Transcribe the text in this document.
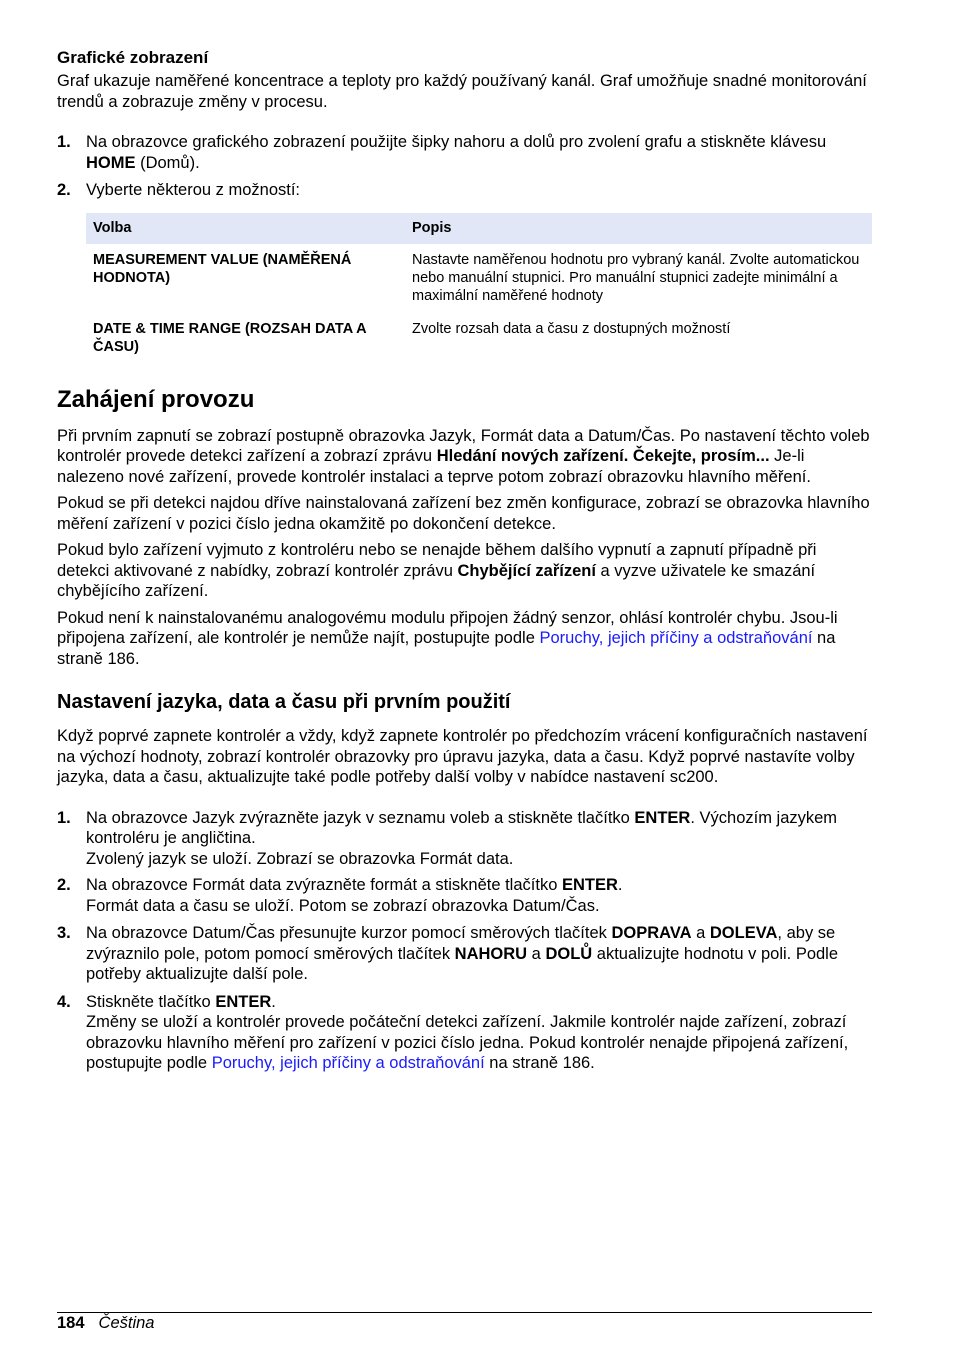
Grafické zobrazení

Graf ukazuje naměřené koncentrace a teploty pro každý používaný kanál. Graf umožňuje snadné monitorování trendů a zobrazuje změny v procesu.

1. Na obrazovce grafického zobrazení použijte šipky nahoru a dolů pro zvolení grafu a stiskněte klávesu HOME (Domů).
2. Vyberte některou z možností:
Volba	Popis
MEASUREMENT VALUE (NAMĚŘENÁ HODNOTA)	Nastavte naměřenou hodnotu pro vybraný kanál. Zvolte automatickou nebo manuální stupnici. Pro manuální stupnici zadejte minimální a maximální naměřené hodnoty
DATE & TIME RANGE (ROZSAH DATA A ČASU)	Zvolte rozsah data a času z dostupných možností
Zahájení provozu

Při prvním zapnutí se zobrazí postupně obrazovka Jazyk, Formát data a Datum/Čas. Po nastavení těchto voleb kontrolér provede detekci zařízení a zobrazí zprávu Hledání nových zařízení. Čekejte, prosím... Je-li nalezeno nové zařízení, provede kontrolér instalaci a teprve potom zobrazí obrazovku hlavního měření.

Pokud se při detekci najdou dříve nainstalovaná zařízení bez změn konfigurace, zobrazí se obrazovka hlavního měření zařízení v pozici číslo jedna okamžitě po dokončení detekce.

Pokud bylo zařízení vyjmuto z kontroléru nebo se nenajde během dalšího vypnutí a zapnutí případně při detekci aktivované z nabídky, zobrazí kontrolér zprávu Chybějící zařízení a vyzve uživatele ke smazání chybějícího zařízení.

Pokud není k nainstalovanému analogovému modulu připojen žádný senzor, ohlásí kontrolér chybu. Jsou-li připojena zařízení, ale kontrolér je nemůže najít, postupujte podle Poruchy, jejich příčiny a odstraňování na straně 186.

Nastavení jazyka, data a času při prvním použití

Když poprvé zapnete kontrolér a vždy, když zapnete kontrolér po předchozím vrácení konfiguračních nastavení na výchozí hodnoty, zobrazí kontrolér obrazovky pro úpravu jazyka, data a času. Když poprvé nastavíte volby jazyka, data a času, aktualizujte také podle potřeby další volby v nabídce nastavení sc200.

1. Na obrazovce Jazyk zvýrazněte jazyk v seznamu voleb a stiskněte tlačítko ENTER. Výchozím jazykem kontroléru je angličtina.
Zvolený jazyk se uloží. Zobrazí se obrazovka Formát data.
2. Na obrazovce Formát data zvýrazněte formát a stiskněte tlačítko ENTER.
Formát data a času se uloží. Potom se zobrazí obrazovka Datum/Čas.
3. Na obrazovce Datum/Čas přesunujte kurzor pomocí směrových tlačítek DOPRAVA a DOLEVA, aby se zvýraznilo pole, potom pomocí směrových tlačítek NAHORU a DOLŮ aktualizujte hodnotu v poli. Podle potřeby aktualizujte další pole.
4. Stiskněte tlačítko ENTER.
Změny se uloží a kontrolér provede počáteční detekci zařízení. Jakmile kontrolér najde zařízení, zobrazí obrazovku hlavního měření pro zařízení v pozici číslo jedna. Pokud kontrolér nenajde připojená zařízení, postupujte podle Poruchy, jejich příčiny a odstraňování na straně 186.
184 Čeština
